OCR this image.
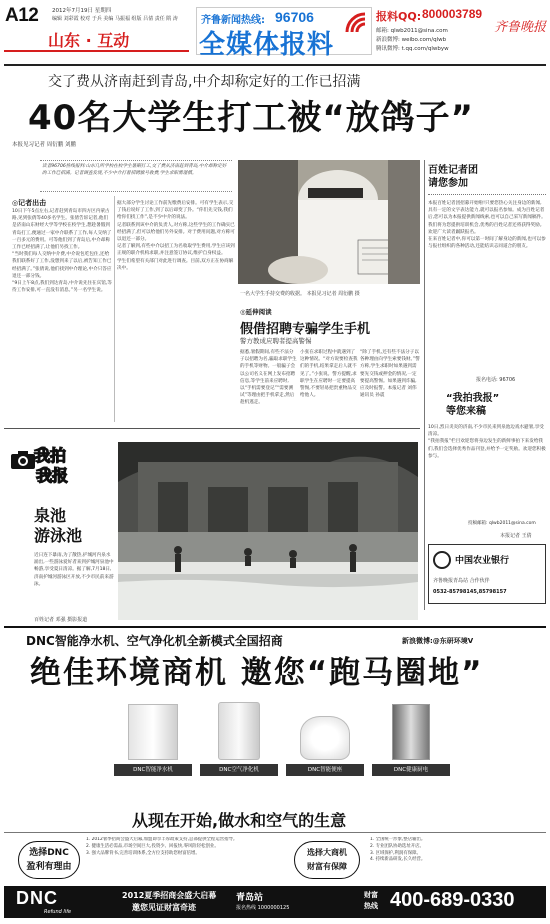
A12 2012年7月19日 星期四
编辑 刘彩霞 校对 于兵 美编 马振福 组版 吕倩 责任 隋 涛
山东 · 互动
齐鲁新闻热线: 96706
全媒体报料
报料QQ: 800003789
邮箱: qlwb2011@sina.com
新浪微博: weibo.com/qlwb
腾讯微博: t.qq.com/qlwbyw
齐鲁晚报
交了费从济南赶到青岛,中介却称定好的工作已招满
40名大学生打工被“放鸽子”
本报见习记者 周衍鹏 刘鹏
读者96706热线报料:山东几所学校在校学生暑期打工,交了费从济南赶到青岛,中介却称定好的工作已招满。记者调查发现,不少中介打着招聘旗号收费,学生求职需谨慎。
◎记者出击
10日下午5点左右,记者赶到青岛市四方区内蒙古路,见到张倩等40多名学生。张倩告诉记者,他们是济南山东财经大学等学校在校学生,想趁暑假到青岛打工,便通过一家中介联系了工作,每人交纳了一百多元的费用。可等他们到了青岛后,中介却称工作已经招满了,让他们另找工作。
“当时我们每人交纳中介费,中介说包吃包住,还给我们联系好了工作,没想到来了以后,被告知工作已经招满了。”张倩说,他们找到中介理论,中介只答应退还一部分钱。
“9日上午8点,我们到达青岛,中介说先住在宾馆,等待工作安排,可一直没有消息。”另一名学生说。
据大部分学生讨论工作前先缴费后安排。可有学生表示,交了钱后说好了工作,到了以后却变了卦。“你们先交钱,我们给你们找工作”,是不少中介的说法。
记者联系到该中介的负责人,对方称,这些学生的工作确实已经招满了,但可以给他们另外安排。对于费用问题,对方称可以退还一部分。
记者了解到,有些中介以招工为名收取学生费用,学生应该到正规的职介机构求职,并注意签订协议,维护自身权益。
学生们希望有关部门对此进行调查。目前,双方正在协商解决中。
一名大学生手持交费的收据。 本报见习记者 周衍鹏 摄
◎延伸阅读
假借招聘专骗学生手机
警方教成应聘者提高警惕
据悉,暑假期间,有些不法分子以招聘为名,骗取求职学生的手机等财物。一般骗子会以公司名义在网上发布招聘信息,等学生前来应聘时,以“手机需要登记”“需要测试”等理由把手机拿走,然后趁机逃走。
小张在求职过程中就遇到了这种情况。“对方说要检查我们的手机,结果拿走后人就不见了。”小张说。警方提醒,求职学生在应聘时一定要提高警惕,不要轻易把贵重物品交给他人。
“除了手机,还有些不法分子以各种理由向学生索要钱财。”警方称,学生求职时如果遇到需要先交钱或押金的情况,一定要提高警惕。如果遇到诈骗,应及时报警。本报记者 刘伟 通讯员 孙震
百姓记者团
请您参加
本报百姓记者团招募开始啦!只要您热心关注身边的新闻,具有一定的文字表达能力,就可以报名参加。成为百姓记者后,您可以为本报提供新闻线索,也可以自己采写新闻稿件。我们将为您提供培训机会,优秀的百姓记者还将获得奖励。欢迎广大读者踊跃报名。
在来百姓记者中,你可以第一时间了解身边的新闻,也可以参与报社组织的各种活动,还能结识志同道合的朋友。
报名电话: 96706
“我拍我报”
等您来稿
10日,烈日炎炎的济南,不少市民来到泉池边戏水避暑,享受清凉。
“我拍我报”栏目欢迎您将身边发生的新鲜事拍下来发给我们,我们会选择优秀作品刊登,并给予一定奖励。欢迎您积极参与。
投稿邮箱: qlwb2011@sina.com
本报记者 王倩
中国农业银行
齐鲁晚报青岛站 合作伙伴
0532-85798145,85798157
我拍
我报
泉池
游泳池
近日连下暴雨,为了散热,护城河内泉水涌出,一些游泳爱好者来到护城河泉池中畅游,享受夏日清凉。据了解,7月18日,济南护城河游泳区开放,不少市民前来游泳。
百姓记者 邓强 摄影报道
DNC智能净水机、空气净化机全新模式全国招商	新浪微博:@东研环境V
绝佳环境商机 邀您“跑马圈地”
DNC智能净水机	DNC空气净化机	DNC智能便座	DNC健康厨电
从现在开始,做水和空气的生意
选择DNC
盈利有理由
1. 2012暑季招商会盛大启幕,加盟即享丰厚政策支持,总部提供全程运营指导。
2. 健康生活必需品,市场空间巨大,投资少、回报快,零风险轻松创业。
3. 强大品牌背书,完善培训体系,全方位支持助您财富倍增。	选择大商机
财富有保障
1. 全国统一形象,整店输出。
2. 专业团队协助选址开店。
3. 区域保护,利润有保障。
4. 持续新品研发,长久经营。
DNC
Refund life
2012夏季招商会盛大启幕
邀您见证财富奇迹
青岛站
报名热线 1000000125
财富
热线 400-689-0330
